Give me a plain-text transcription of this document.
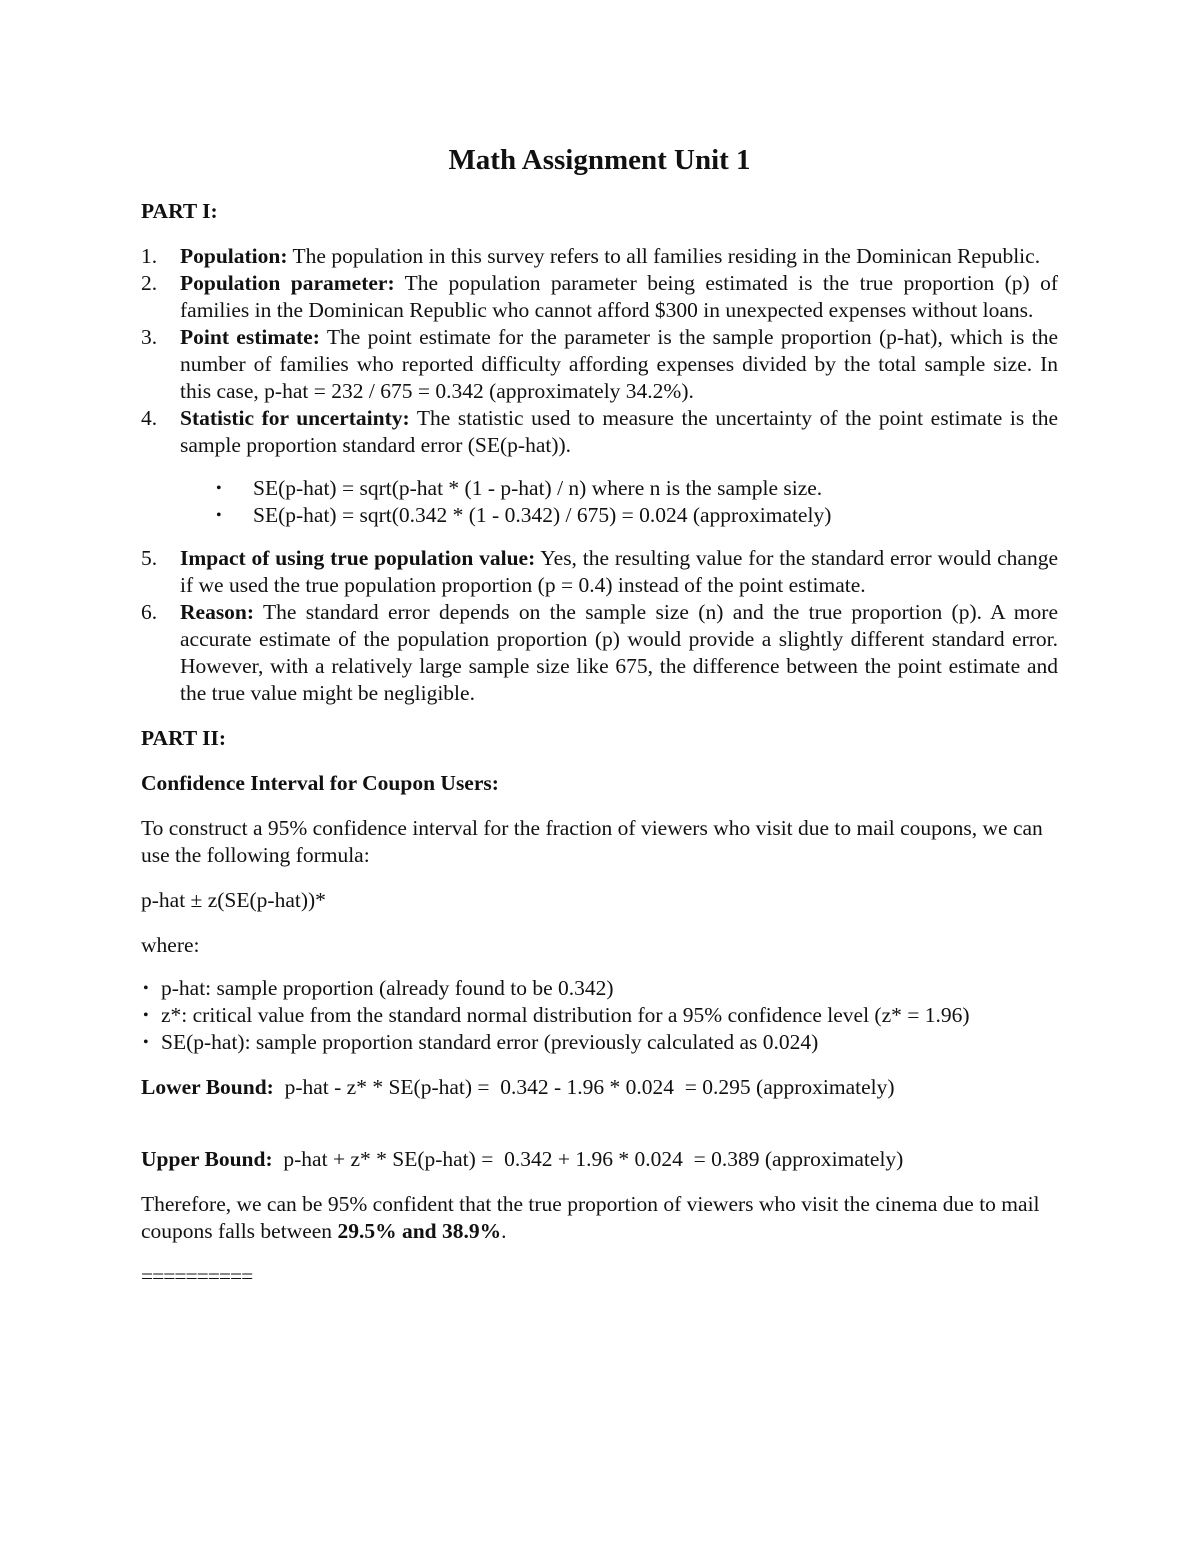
Math Assignment Unit 1
PART I:
1. Population: The population in this survey refers to all families residing in the Dominican Republic.
2. Population parameter: The population parameter being estimated is the true proportion (p) of families in the Dominican Republic who cannot afford $300 in unexpected expenses without loans.
3. Point estimate: The point estimate for the parameter is the sample proportion (p-hat), which is the number of families who reported difficulty affording expenses divided by the total sample size. In this case, p-hat = 232 / 675 = 0.342 (approximately 34.2%).
4. Statistic for uncertainty: The statistic used to measure the uncertainty of the point estimate is the sample proportion standard error (SE(p-hat)).
• SE(p-hat) = sqrt(p-hat * (1 - p-hat) / n) where n is the sample size.
• SE(p-hat) = sqrt(0.342 * (1 - 0.342) / 675) = 0.024 (approximately)
5. Impact of using true population value: Yes, the resulting value for the standard error would change if we used the true population proportion (p = 0.4) instead of the point estimate.
6. Reason: The standard error depends on the sample size (n) and the true proportion (p). A more accurate estimate of the population proportion (p) would provide a slightly different standard error. However, with a relatively large sample size like 675, the difference between the point estimate and the true value might be negligible.
PART II:
Confidence Interval for Coupon Users:

To construct a 95% confidence interval for the fraction of viewers who visit due to mail coupons, we can use the following formula:

p-hat ± z(SE(p-hat))*

where:

• p-hat: sample proportion (already found to be 0.342)
• z*: critical value from the standard normal distribution for a 95% confidence level (z* = 1.96)
• SE(p-hat): sample proportion standard error (previously calculated as 0.024)

Lower Bound:  p-hat - z* * SE(p-hat) =  0.342 - 1.96 * 0.024  = 0.295 (approximately)

Upper Bound:  p-hat + z* * SE(p-hat) =  0.342 + 1.96 * 0.024  = 0.389 (approximately)

Therefore, we can be 95% confident that the true proportion of viewers who visit the cinema due to mail coupons falls between 29.5% and 38.9%.

==========
